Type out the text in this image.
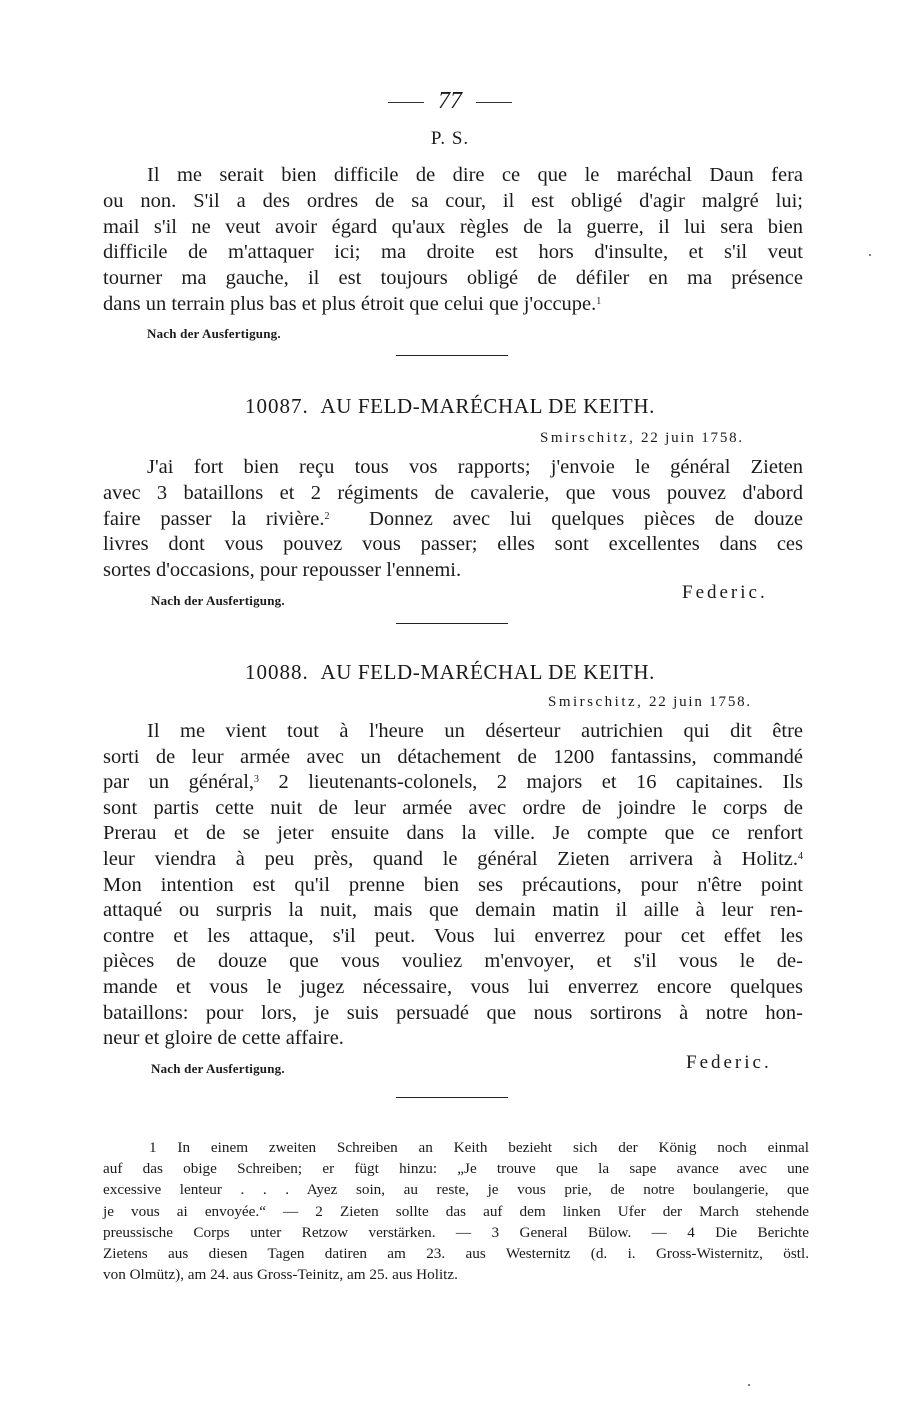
77
P. S.
Il me serait bien difficile de dire ce que le maréchal Daun fera
ou non. S'il a des ordres de sa cour, il est obligé d'agir malgré lui;
mail s'il ne veut avoir égard qu'aux règles de la guerre, il lui sera bien
difficile de m'attaquer ici; ma droite est hors d'insulte, et s'il veut
tourner ma gauche, il est toujours obligé de défiler en ma présence
dans un terrain plus bas et plus étroit que celui que j'occupe.$^1$
Nach der Ausfertigung.
10087. AU FELD-MARÉCHAL DE KEITH.
Smirschitz, 22 juin 1758.
J'ai fort bien reçu tous vos rapports; j'envoie le général Zieten
avec 3 bataillons et 2 régiments de cavalerie, que vous pouvez d'abord
faire passer la rivière.$^2$ Donnez avec lui quelques pièces de douze
livres dont vous pouvez vous passer; elles sont excellentes dans ces
sortes d'occasions, pour repousser l'ennemi.
Nach der Ausfertigung.	Federic.
10088. AU FELD-MARÉCHAL DE KEITH.
Smirschitz, 22 juin 1758.
Il me vient tout à l'heure un déserteur autrichien qui dit être
sorti de leur armée avec un détachement de 1200 fantassins, commandé
par un général,$^3$ 2 lieutenants-colonels, 2 majors et 16 capitaines. Ils
sont partis cette nuit de leur armée avec ordre de joindre le corps de
Prerau et de se jeter ensuite dans la ville. Je compte que ce renfort
leur viendra à peu près, quand le général Zieten arrivera à Holitz.$^4$
Mon intention est qu'il prenne bien ses précautions, pour n'être point
attaqué ou surpris la nuit, mais que demain matin il aille à leur ren-
contre et les attaque, s'il peut. Vous lui enverrez pour cet effet les
pièces de douze que vous vouliez m'envoyer, et s'il vous le de-
mande et vous le jugez nécessaire, vous lui enverrez encore quelques
bataillons: pour lors, je suis persuadé que nous sortirons à notre hon-
neur et gloire de cette affaire.
Nach der Ausfertigung.	Federic.
1 In einem zweiten Schreiben an Keith bezieht sich der König noch einmal
auf das obige Schreiben; er fügt hinzu: „Je trouve que la sape avance avec une
excessive lenteur . . . Ayez soin, au reste, je vous prie, de notre boulangerie, que
je vous ai envoyée.“ — 2 Zieten sollte das auf dem linken Ufer der March stehende
preussische Corps unter Retzow verstärken. — 3 General Bülow. — 4 Die Berichte
Zietens aus diesen Tagen datiren am 23. aus Westernitz (d. i. Gross-Wisternitz, östl.
von Olmütz), am 24. aus Gross-Teinitz, am 25. aus Holitz.
